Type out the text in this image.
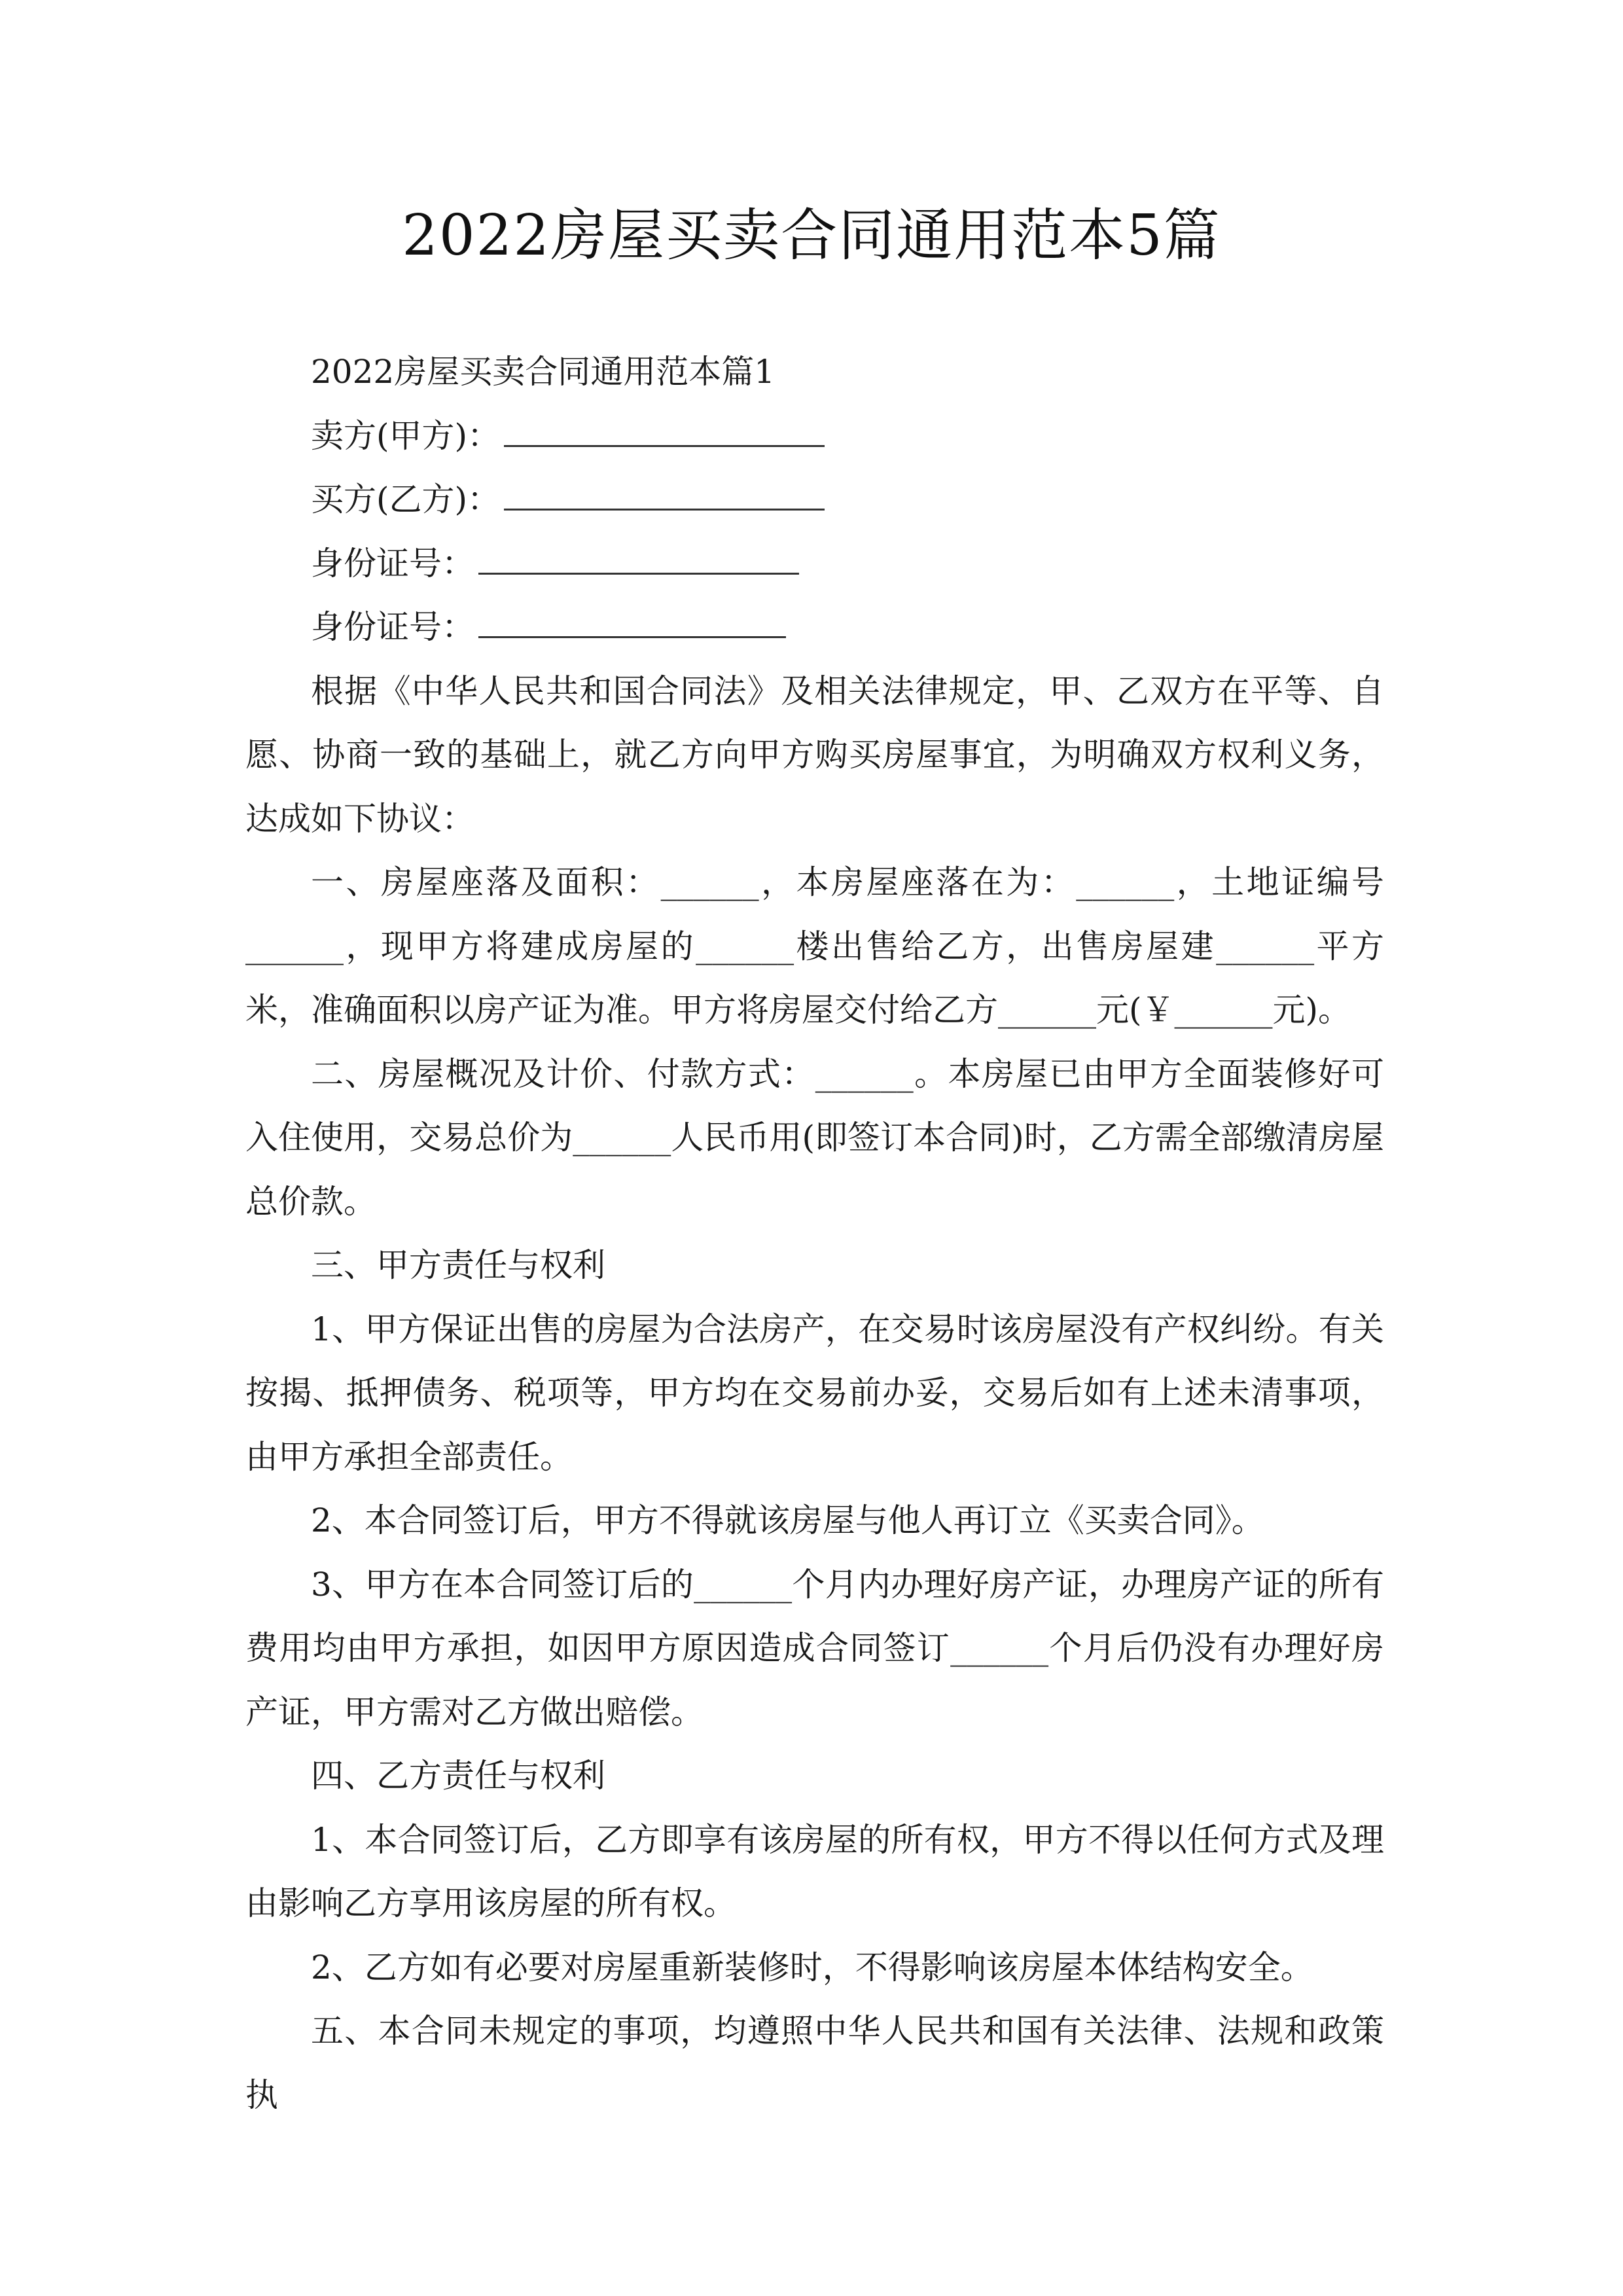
2022房屋买卖合同通用范本5篇
2022房屋买卖合同通用范本篇1
卖方(甲方)：
买方(乙方)：
身份证号：
身份证号：

根据《中华人民共和国合同法》及相关法律规定，甲、乙双方在平等、自愿、协商一致的基础上，就乙方向甲方购买房屋事宜，为明确双方权利义务，达成如下协议：

一、房屋座落及面积：______，本房屋座落在为：______，土地证编号______，现甲方将建成房屋的______楼出售给乙方，出售房屋建______平方米，准确面积以房产证为准。甲方将房屋交付给乙方______元(￥______元)。

二、房屋概况及计价、付款方式：______。本房屋已由甲方全面装修好可入住使用，交易总价为______人民币用(即签订本合同)时，乙方需全部缴清房屋总价款。

三、甲方责任与权利

1、甲方保证出售的房屋为合法房产，在交易时该房屋没有产权纠纷。有关按揭、抵押债务、税项等，甲方均在交易前办妥，交易后如有上述未清事项，由甲方承担全部责任。

2、本合同签订后，甲方不得就该房屋与他人再订立《买卖合同》。

3、甲方在本合同签订后的______个月内办理好房产证，办理房产证的所有费用均由甲方承担，如因甲方原因造成合同签订______个月后仍没有办理好房产证，甲方需对乙方做出赔偿。

四、乙方责任与权利

1、本合同签订后，乙方即享有该房屋的所有权，甲方不得以任何方式及理由影响乙方享用该房屋的所有权。

2、乙方如有必要对房屋重新装修时，不得影响该房屋本体结构安全。

五、本合同未规定的事项，均遵照中华人民共和国有关法律、法规和政策执
